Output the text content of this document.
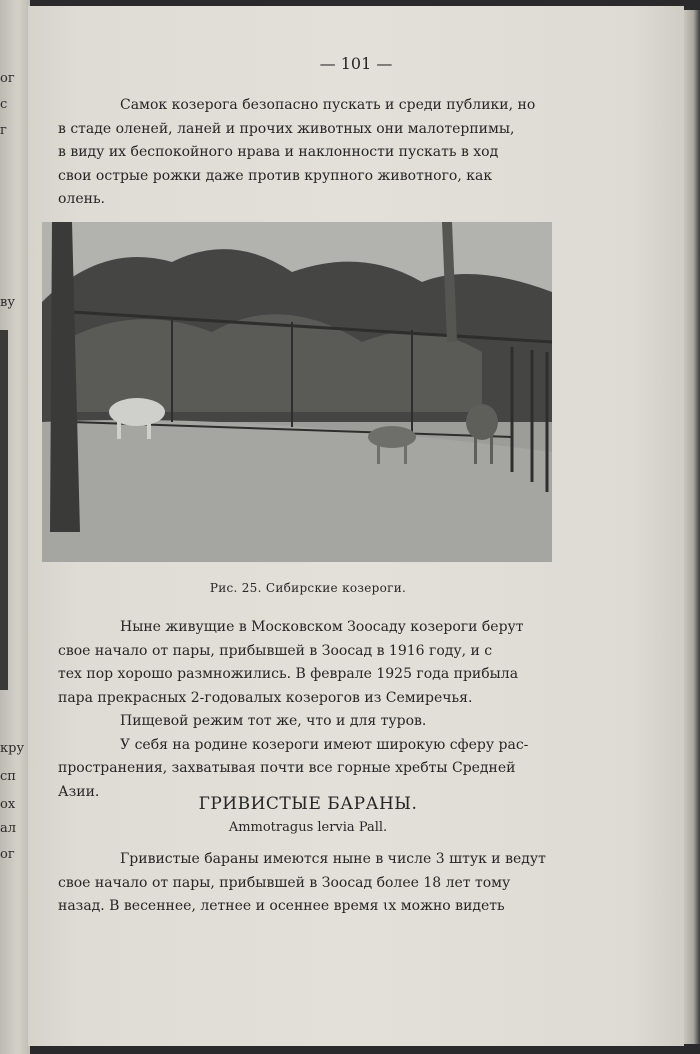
ог
с
г
ву
кру
сп
ох
ал
ог
— 101 —
Самок козерога безопасно пускать и среди публики, но
в стаде оленей, ланей и прочих животных они малотерпимы,
в виду их беспокойного нрава и наклонности пускать в ход
свои острые рожки даже против крупного животного, как
олень.
Рис. 25. Сибирские козероги.
Ныне живущие в Московском Зоосаду козероги берут
свое начало от пары, прибывшей в Зоосад в 1916 году, и с
тех пор хорошо размножились. В феврале 1925 года прибыла
пара прекрасных 2-годовалых козерогов из Семиречья.
Пищевой режим тот же, что и для туров.
У себя на родине козероги имеют широкую сферу рас-
пространения, захватывая почти все горные хребты Средней
Азии.
ГРИВИСТЫЕ БАРАНЫ.
Ammotragus lervia Pall.
Гривистые бараны имеются ныне в числе 3 штук и ведут
свое начало от пары, прибывшей в Зоосад более 18 лет тому
назад. В весеннее, летнее и осеннее время ꙇх можно видеть
